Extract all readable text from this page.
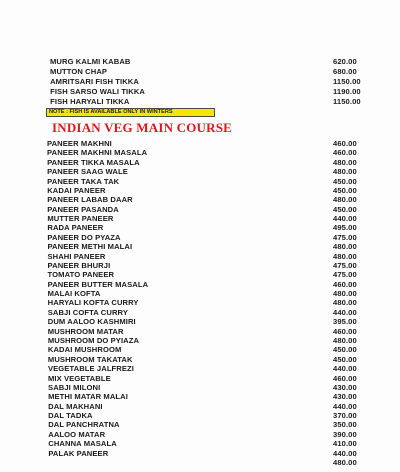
MURG KALMI KABAB	620.00
MUTTON CHAP	680.00
AMRITSARI FISH TIKKA	1150.00
FISH SARSO WALI TIKKA	1190.00
FISH HARYALI TIKKA	1150.00
NOTE : FISH IS AVAILABLE ONLY IN WINTERS
INDIAN VEG MAIN COURSE
PANEER MAKHNI	460.00
PANEER MAKHNI MASALA	460.00
PANEER TIKKA MASALA	480.00
PANEER SAAG WALE	480.00
PANEER TAKA TAK	450.00
KADAI PANEER	450.00
PANEER LABAB DAAR	480.00
PANEER PASANDA	450.00
MUTTER PANEER	440.00
RADA PANEER	495.00
PANEER DO PYAZA	475.00
PANEER METHI MALAI	480.00
SHAHI PANEER	480.00
PANEER BHURJI	475.00
TOMATO PANEER	475.00
PANEER BUTTER MASALA	460.00
MALAI KOFTA	480.00
HARYALI KOFTA CURRY	480.00
SABJI COFTA CURRY	440.00
DUM AALOO KASHMIRI	395.00
MUSHROOM MATAR	460.00
MUSHROOM DO PYIAZA	480.00
KADAI MUSHROOM	450.00
MUSHROOM TAKATAK	450.00
VEGETABLE JALFREZI	440.00
MIX VEGETABLE	460.00
SABJI MILONI	430.00
METHI MATAR MALAI	430.00
DAL MAKHANI	440.00
DAL TADKA	370.00
DAL PANCHRATNA	350.00
AALOO MATAR	390.00
CHANNA MASALA	410.00
PALAK PANEER	440.00
480.00
